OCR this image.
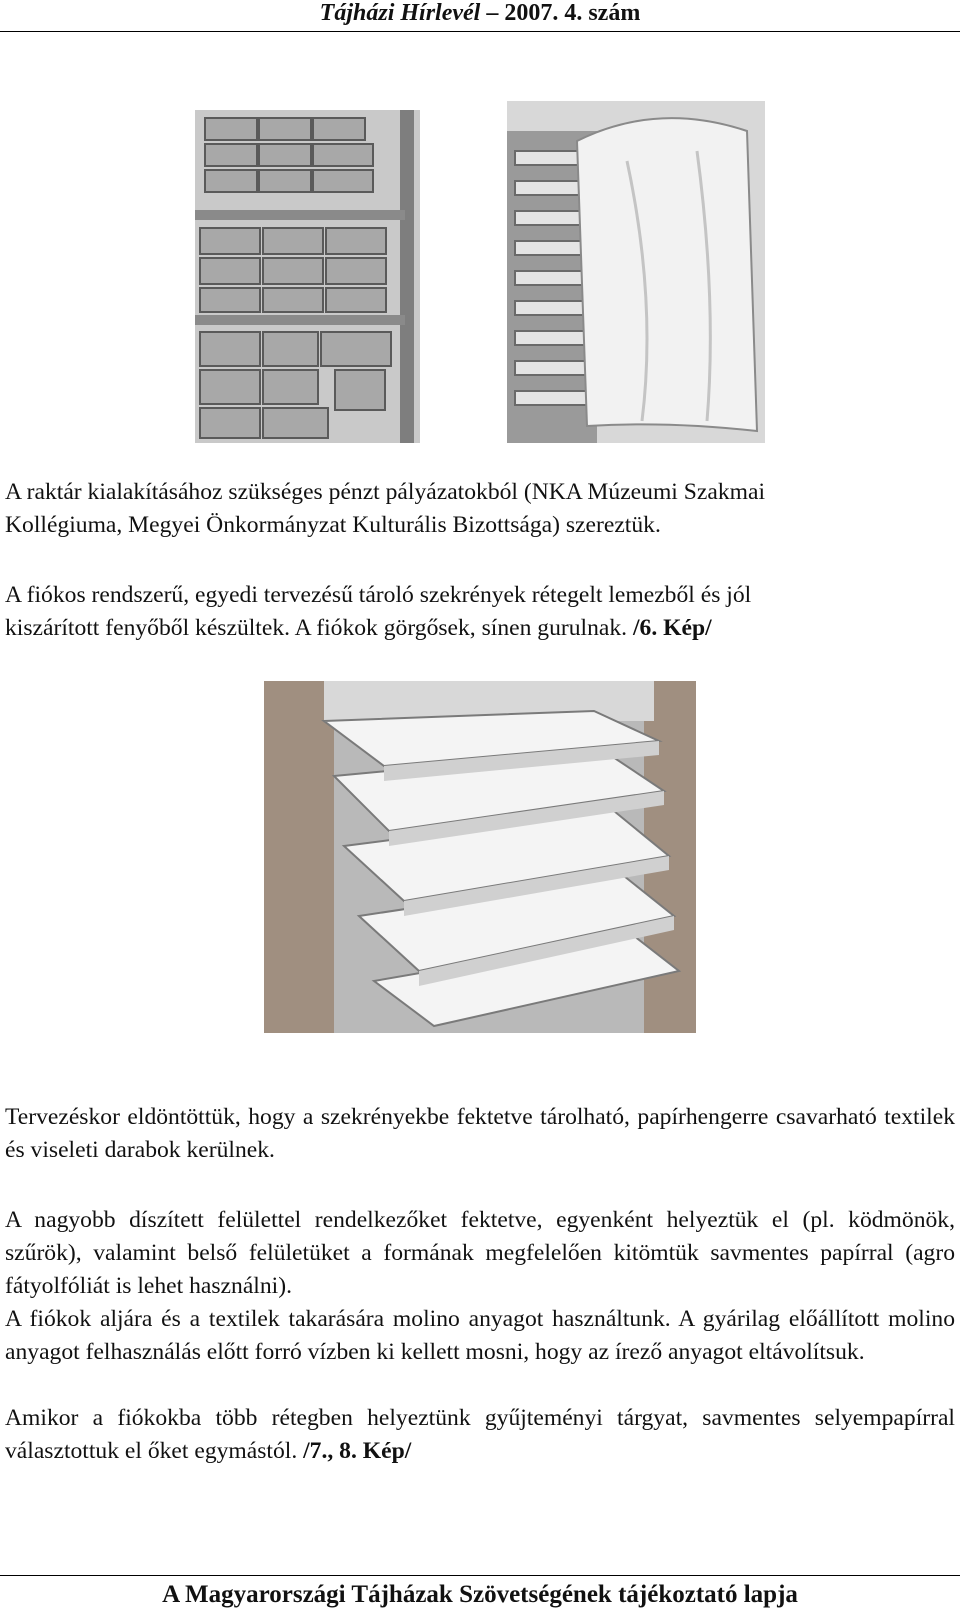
Tájházi Hírlevél – 2007. 4. szám

A raktár kialakításához szükséges pénzt pályázatokból (NKA Múzeumi Szakmai
Kollégiuma, Megyei Önkormányzat Kulturális Bizottsága) szereztük.

A fiókos rendszerű, egyedi tervezésű tároló szekrények rétegelt lemezből és jól
kiszárított fenyőből készültek. A fiókok görgősek, sínen gurulnak. /6. Kép/

Tervezéskor eldöntöttük, hogy a szekrényekbe fektetve tárolható, papírhengerre csavarható textilek és viseleti darabok kerülnek.

A nagyobb díszített felülettel rendelkezőket fektetve, egyenként helyeztük el (pl. ködmönök, szűrök), valamint belső felületüket a formának megfelelően kitömtük savmentes papírral (agro fátyolfóliát is lehet használni).

A fiókok aljára és a textilek takarására molino anyagot használtunk. A gyárilag előállított molino anyagot felhasználás előtt forró vízben ki kellett mosni, hogy az írező anyagot eltávolítsuk.

Amikor a fiókokba több rétegben helyeztünk gyűjteményi tárgyat, savmentes selyempapírral választottuk el őket egymástól. /7., 8. Kép/

A Magyarországi Tájházak Szövetségének tájékoztató lapja
